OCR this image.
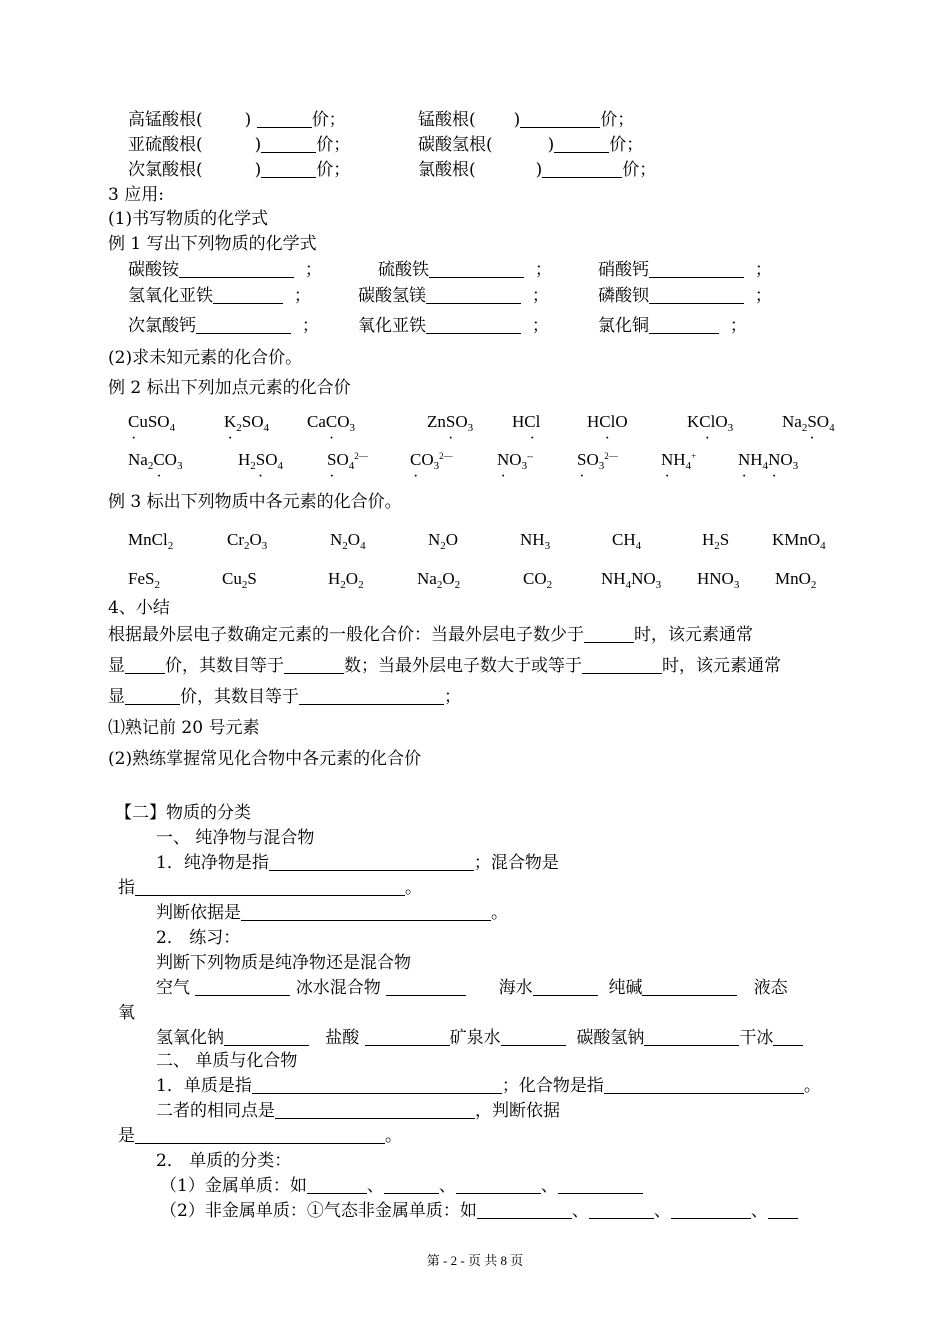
高锰酸根( )	价；	锰酸根( )	价；
亚硫酸根(	)	价；	碳酸氢根(	)	价；
次氯酸根(	)	价；	氯酸根(	)	价；
3 应用:
(1)书写物质的化学式
例 1 写出下列物质的化学式
碳酸铵	；	硫酸铁	；	硝酸钙	；
氢氧化亚铁	；	碳酸氢镁	；	磷酸钡	；
次氯酸钙	； 氧化亚铁	；	氯化铜	；
(2)求未知元素的化合价。
例 2 标出下列加点元素的化合价
C ·uSO$_4$	$K \cdot_2SO_4$ CaC $\cdot O_3$	ZnS $\cdot O_3$ HCl ·	HCl ·O	KCl $\cdot O_3$	$Na_2S \cdot O_4$
$Na_2C \cdot O_3$	$H_2S \cdot O_4$	$S \cdot O_4^{2—}$ $C \cdot O_3^{2—}$	$N \cdot O_3^{--}$	$S \cdot O_3^{2—}$	$N \cdot H_4^+$ $N \cdot H_4N \cdot O_3$
例 3 标出下列物质中各元素的化合价。
MnCl$_2$	$Cr_2O_3$	$N_2O_4$	$N_2O$	$NH_3$	$CH_4$	$H_2S$	KMnO$_4$
FeS$_2$	$Cu_2S$	$H_2O_2$	$Na_2O_2$	$CO_2$	$NH_4NO_3$ $HNO_3$ MnO$_2$
4、小结
根据最外层电子数确定元素的一般化合价：当最外层电子数少于	时，该元素通常
显 价，其数目等于	数；当最外层电子数大于或等于	时，该元素通常
显	价，其数目等于	；
⑴熟记前 20 号元素
(2)熟练掌握常见化合物中各元素的化合价
【二】物质的分类
一、 纯净物与混合物
1．纯净物是指	；混合物是
指	。
判断依据是	。
2． 练习：
判断下列物质是纯净物还是混合物
空气	冰水混合物	海水	纯碱	液态
氧
氢氧化钠	盐酸	矿泉水	碳酸氢钠	干冰
二、 单质与化合物
1．单质是指	；化合物是指	。
二者的相同点是	，判断依据
是	。
2． 单质的分类：
（1）金属单质：如	、	、	、
（2）非金属单质：①气态非金属单质：如	、	、	、
第 - 2 - 页 共 8 页
